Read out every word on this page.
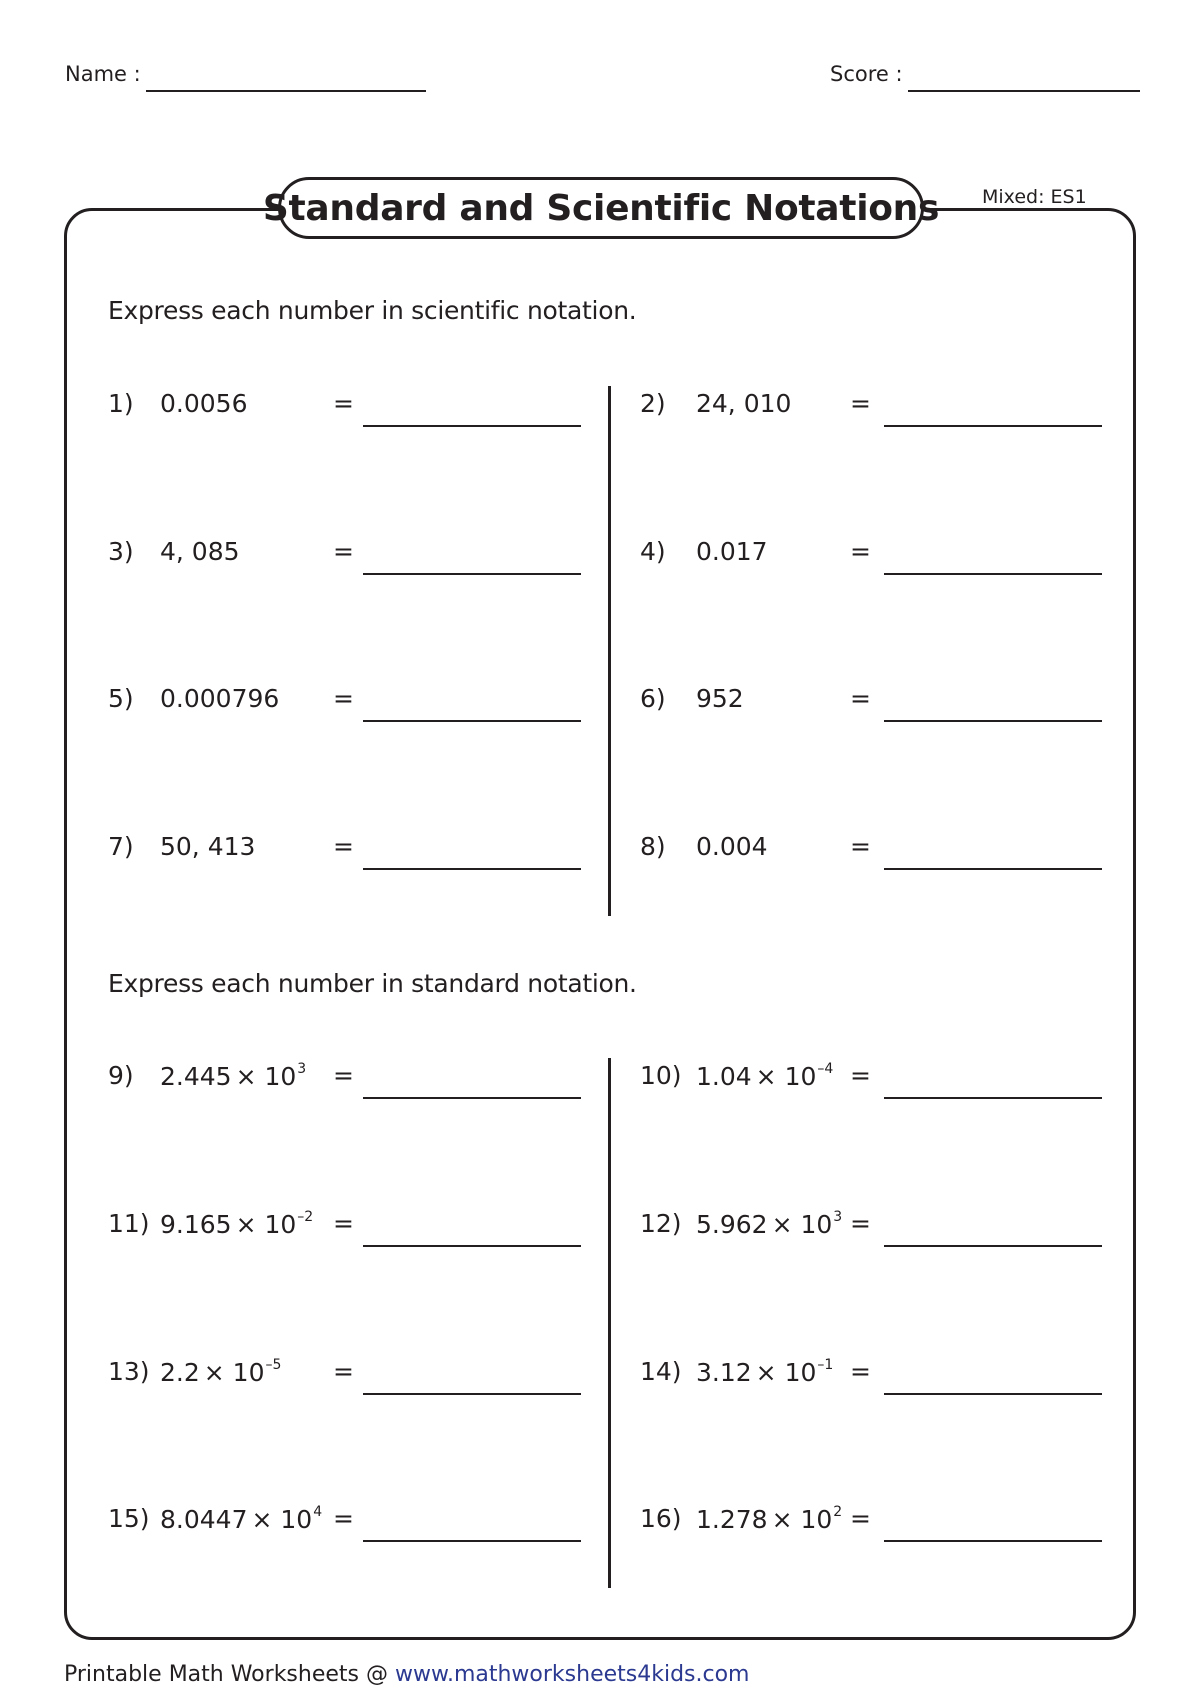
Name :	Score :
Standard and Scientific Notations Mixed: ES1
Express each number in scientific notation.
1) 0.0056	=	2) 24, 010 =
3) 4, 085	=	4) 0.017	=
5) 0.000796 =	6) 952	=
7) 50, 413	=	8) 0.004	=
Express each number in standard notation.
9) $2.445 \times 10^3$ =	10) $1.04 \times 10^{-4}$ =
11) $9.165 \times 10^{-2}$ =	12) $5.962 \times 10^3$ =
13) $2.2 \times 10^{-5}$ =	14) $3.12 \times 10^{-1}$ =
15) $8.0447 \times 10^4$ =	16) $1.278 \times 10^2$ =
Printable Math Worksheets @ www.mathworksheets4kids.com
